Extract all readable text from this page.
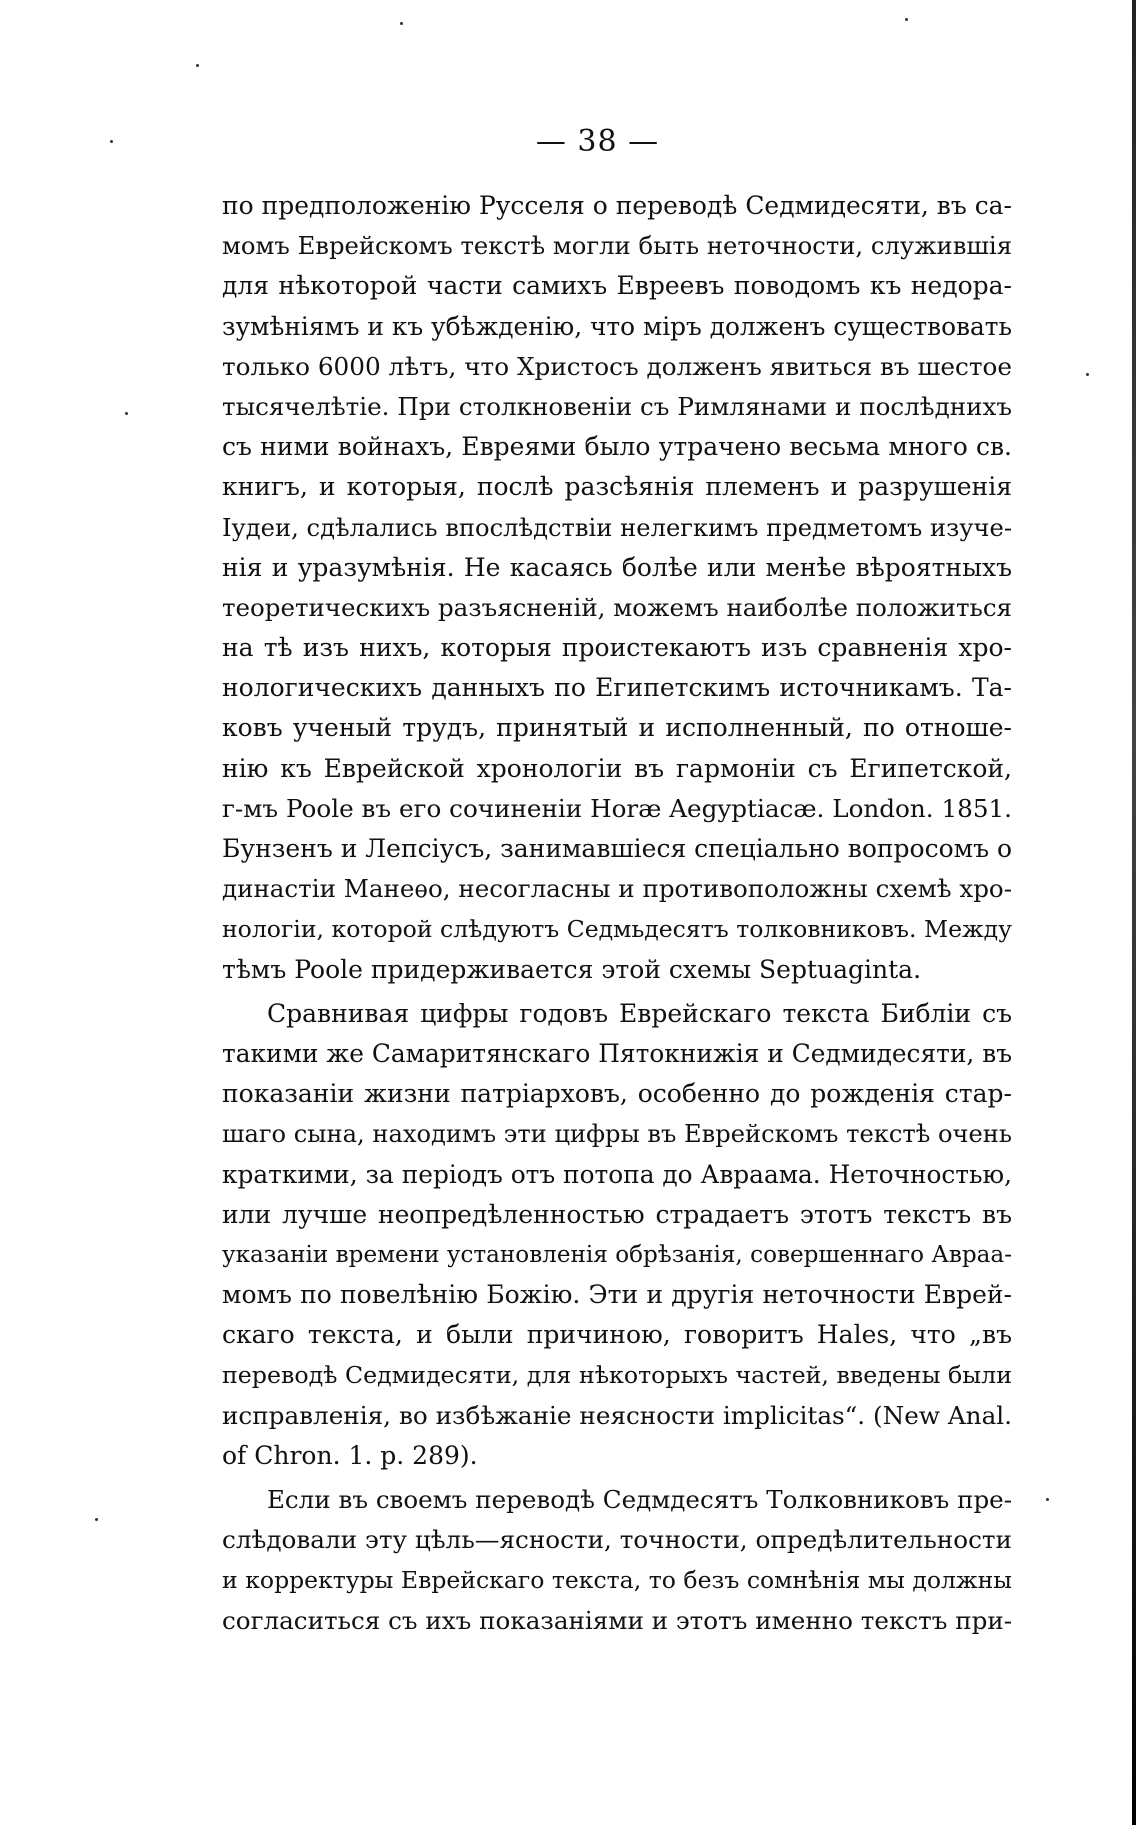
— 38 —
по предположенію Русселя о переводѣ Седмидесяти, въ са-
момъ Еврейскомъ текстѣ могли быть неточности, служившія
для нѣкоторой части самихъ Евреевъ поводомъ къ недора-
зумѣніямъ и къ убѣжденію, что міръ долженъ существовать
только 6000 лѣтъ, что Христосъ долженъ явиться въ шестое
тысячелѣтіе. При столкновеніи съ Римлянами и послѣднихъ
съ ними войнахъ, Евреями было утрачено весьма много св.
книгъ, и которыя, послѣ разсѣянія племенъ и разрушенія
Іудеи, сдѣлались впослѣдствіи нелегкимъ предметомъ изуче-
нія и уразумѣнія. Не касаясь болѣе или менѣе вѣроятныхъ
теоретическихъ разъясненій, можемъ наиболѣе положиться
на тѣ изъ нихъ, которыя проистекаютъ изъ сравненія хро-
нологическихъ данныхъ по Египетскимъ источникамъ. Та-
ковъ ученый трудъ, принятый и исполненный, по отноше-
нію къ Еврейской хронологіи въ гармоніи съ Египетской,
г-мъ Poole въ его сочиненіи Horæ Aegyptiacæ. London. 1851.
Бунзенъ и Лепсіусъ, занимавшіеся спеціально вопросомъ о
династіи Манеѳо, несогласны и противоположны схемѣ хро-
нологіи, которой слѣдуютъ Седмьдесятъ толковниковъ. Между
тѣмъ Poole придерживается этой схемы Septuaginta.
Сравнивая цифры годовъ Еврейскаго текста Библіи съ
такими же Самаритянскаго Пятокнижія и Седмидесяти, въ
показаніи жизни патріарховъ, особенно до рожденія стар-
шаго сына, находимъ эти цифры въ Еврейскомъ текстѣ очень
краткими, за періодъ отъ потопа до Авраама. Неточностью,
или лучше неопредѣленностью страдаетъ этотъ текстъ въ
указаніи времени установленія обрѣзанія, совершеннаго Авраа-
момъ по повелѣнію Божію. Эти и другія неточности Еврей-
скаго текста, и были причиною, говоритъ Hales, что „въ
переводѣ Седмидесяти, для нѣкоторыхъ частей, введены были
исправленія, во избѣжаніе неясности implicitas“. (New Anal.
of Chron. 1. p. 289).
Если въ своемъ переводѣ Седмдесятъ Толковниковъ пре-
слѣдовали эту цѣль—ясности, точности, опредѣлительности
и корректуры Еврейскаго текста, то безъ сомнѣнія мы должны
согласиться съ ихъ показаніями и этотъ именно текстъ при-
